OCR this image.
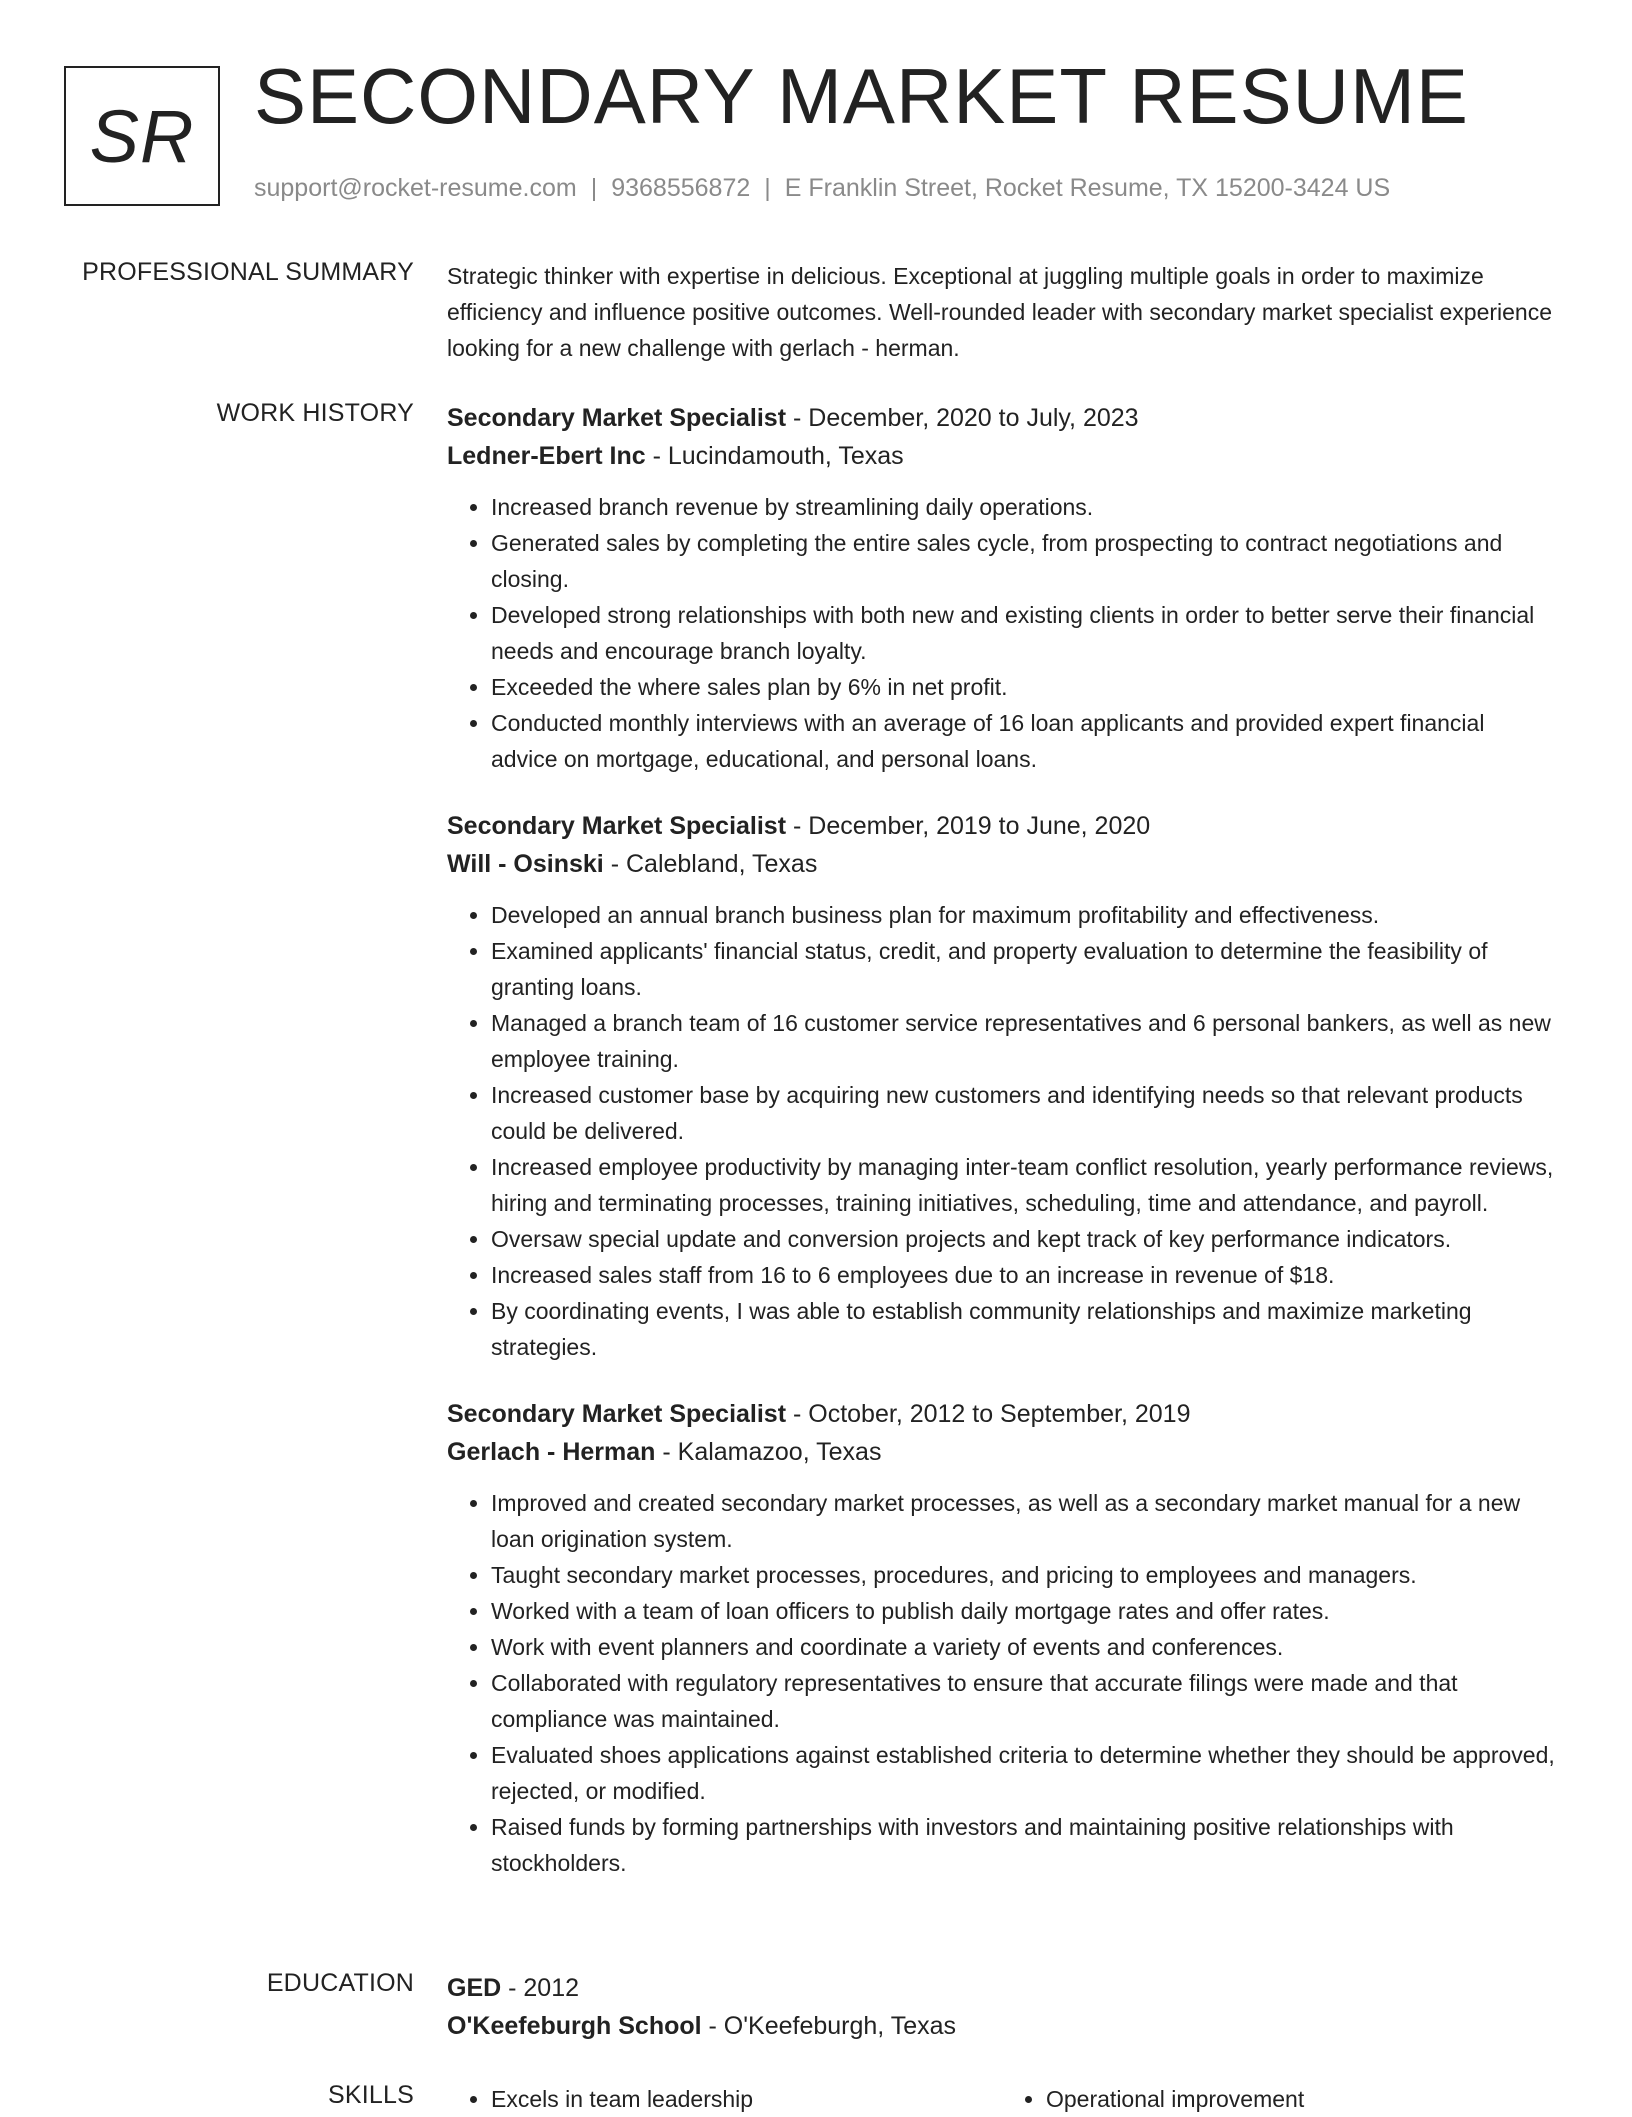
SR SECONDARY MARKET RESUME
support@rocket-resume.com | 9368556872 | E Franklin Street, Rocket Resume, TX 15200-3424 US
PROFESSIONAL SUMMARY Strategic thinker with expertise in delicious. Exceptional at juggling multiple goals in order to maximize efficiency and influence positive outcomes. Well-rounded leader with secondary market specialist experience looking for a new challenge with gerlach - herman.

WORK HISTORY Secondary Market Specialist - December, 2020 to July, 2023
Ledner-Ebert Inc - Lucindamouth, Texas
• Increased branch revenue by streamlining daily operations.
• Generated sales by completing the entire sales cycle, from prospecting to contract negotiations and closing.
• Developed strong relationships with both new and existing clients in order to better serve their financial needs and encourage branch loyalty.
• Exceeded the where sales plan by 6% in net profit.
• Conducted monthly interviews with an average of 16 loan applicants and provided expert financial advice on mortgage, educational, and personal loans.
Secondary Market Specialist - December, 2019 to June, 2020
Will - Osinski - Calebland, Texas
• Developed an annual branch business plan for maximum profitability and effectiveness.
• Examined applicants' financial status, credit, and property evaluation to determine the feasibility of granting loans.
• Managed a branch team of 16 customer service representatives and 6 personal bankers, as well as new employee training.
• Increased customer base by acquiring new customers and identifying needs so that relevant products could be delivered.
• Increased employee productivity by managing inter-team conflict resolution, yearly performance reviews, hiring and terminating processes, training initiatives, scheduling, time and attendance, and payroll.
• Oversaw special update and conversion projects and kept track of key performance indicators.
• Increased sales staff from 16 to 6 employees due to an increase in revenue of $18.
• By coordinating events, I was able to establish community relationships and maximize marketing strategies.
Secondary Market Specialist - October, 2012 to September, 2019
Gerlach - Herman - Kalamazoo, Texas
• Improved and created secondary market processes, as well as a secondary market manual for a new loan origination system.
• Taught secondary market processes, procedures, and pricing to employees and managers.
• Worked with a team of loan officers to publish daily mortgage rates and offer rates.
• Work with event planners and coordinate a variety of events and conferences.
• Collaborated with regulatory representatives to ensure that accurate filings were made and that compliance was maintained.
• Evaluated shoes applications against established criteria to determine whether they should be approved, rejected, or modified.
• Raised funds by forming partnerships with investors and maintaining positive relationships with stockholders.
EDUCATION GED - 2012
O'Keefeburgh School - O'Keefeburgh, Texas
SKILLS	• Excels in team leadership	• Operational improvement
